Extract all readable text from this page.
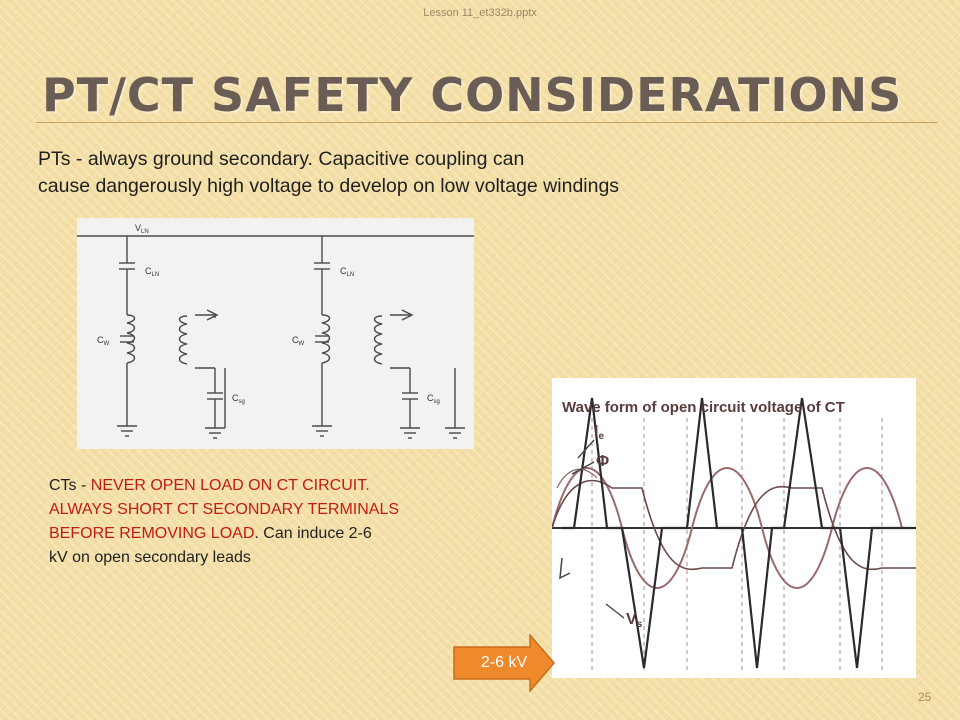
Lesson 11_et332b.pptx
PT/CT SAFETY CONSIDERATIONS
PTs - always ground secondary. Capacitive coupling can
cause dangerously high voltage to develop on low voltage windings
$V_{LN}$
$C_{LN}$	$C_{LN}$
$C_W$	$C_W$
$C_{sg}$	$C_{sg}$
CTs - NEVER OPEN LOAD ON CT CIRCUIT.
ALWAYS SHORT CT SECONDARY TERMINALS
BEFORE REMOVING LOAD. Can induce 2-6
kV on open secondary leads
Wave form of open circuit voltage of CT
Ie
Φ
Vs
2-6 kV
25
